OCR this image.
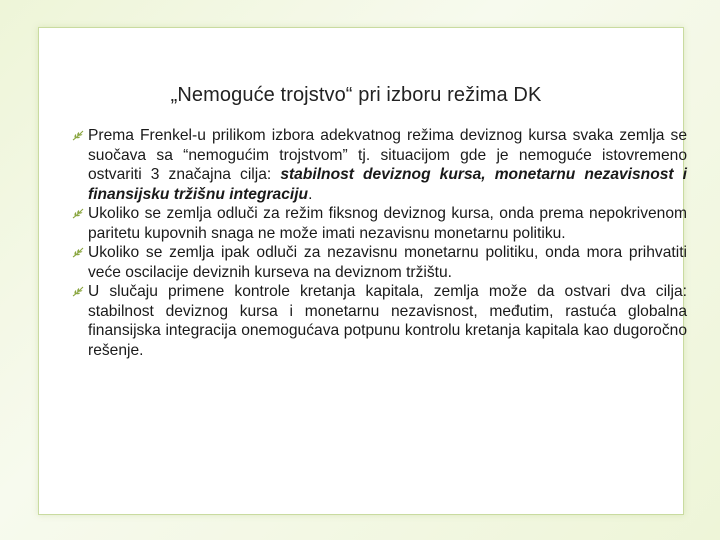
„Nemoguće trojstvo“ pri izboru režima DK
Prema Frenkel-u prilikom izbora adekvatnog režima deviznog kursa svaka zemlja se suočava sa “nemogućim trojstvom” tj. situacijom gde je nemoguće istovremeno ostvariti 3 značajna cilja: stabilnost deviznog kursa, monetarnu nezavisnost i finansijsku tržišnu integraciju.
Ukoliko se zemlja odluči za režim fiksnog deviznog kursa, onda prema nepokrivenom paritetu kupovnih snaga ne može imati nezavisnu monetarnu politiku.
Ukoliko se zemlja ipak odluči za nezavisnu monetarnu politiku, onda mora prihvatiti veće oscilacije deviznih kurseva na deviznom tržištu.
U slučaju primene kontrole kretanja kapitala, zemlja može da ostvari dva cilja: stabilnost deviznog kursa i monetarnu nezavisnost, međutim, rastuća globalna finansijska integracija onemogućava potpunu kontrolu kretanja kapitala kao dugoročno rešenje.
